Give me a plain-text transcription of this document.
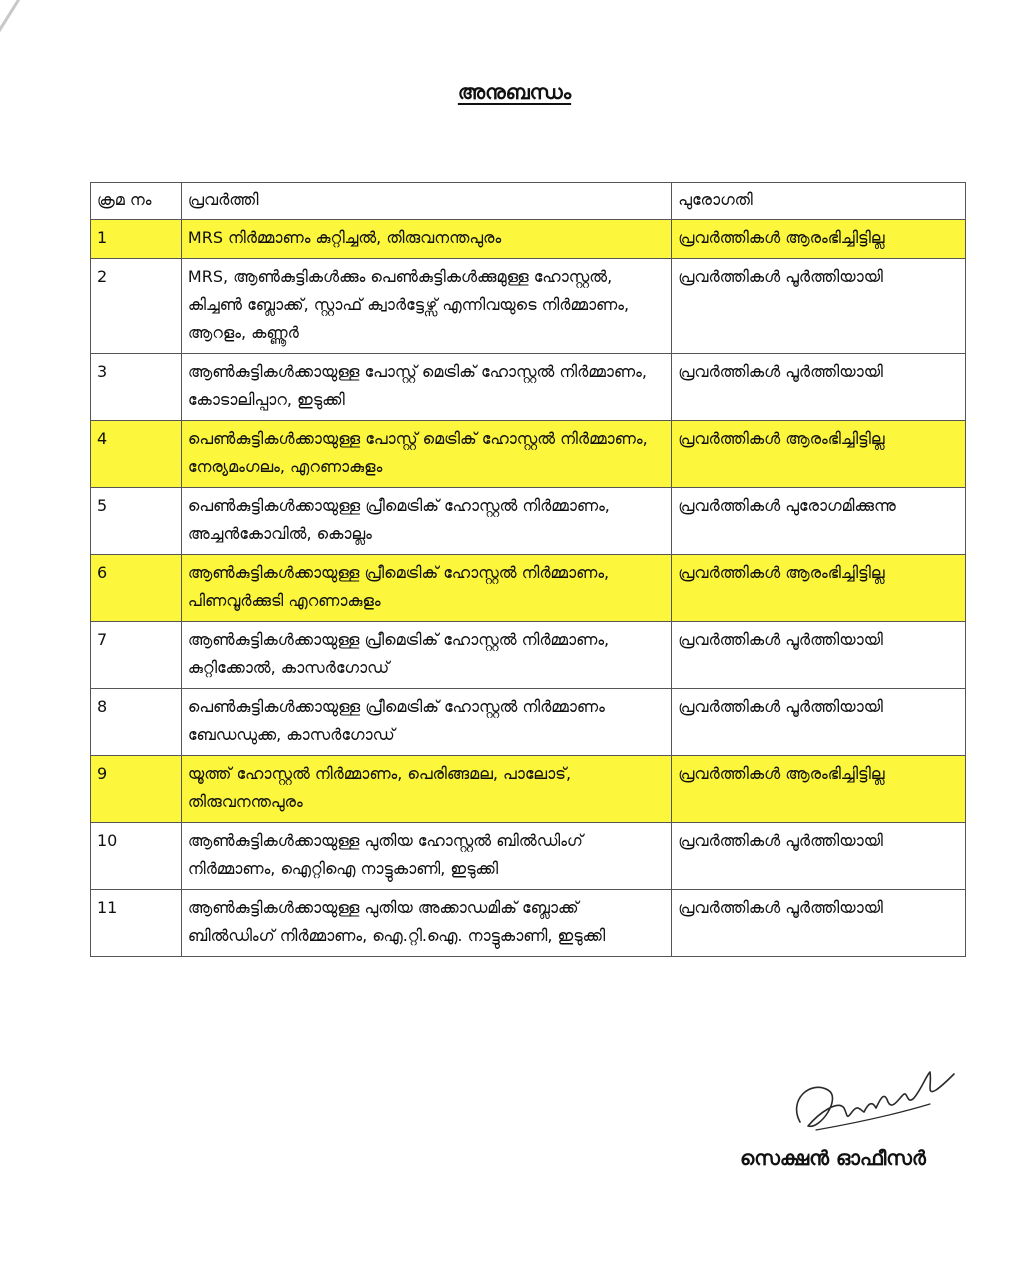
അനുബന്ധം
ക്രമ നം	പ്രവർത്തി	പുരോഗതി
1	MRS നിർമ്മാണം കുറ്റിച്ചൽ, തിരുവനന്തപുരം	പ്രവർത്തികൾ ആരംഭിച്ചിട്ടില്ല
2	MRS, ആൺകുട്ടികൾക്കും പെൺകുട്ടികൾക്കുമുള്ള ഹോസ്റ്റൽ, കിച്ചൺ ബ്ലോക്ക്, സ്റ്റാഫ് ക്വാർട്ടേഴ്സ് എന്നിവയുടെ നിർമ്മാണം, ആറളം, കണ്ണൂർ	പ്രവർത്തികൾ പൂർത്തിയായി
3	ആൺകുട്ടികൾക്കായുള്ള പോസ്റ്റ് മെട്രിക് ഹോസ്റ്റൽ നിർമ്മാണം, കോടാലിപ്പാറ, ഇടുക്കി	പ്രവർത്തികൾ പൂർത്തിയായി
4	പെൺകുട്ടികൾക്കായുള്ള പോസ്റ്റ് മെട്രിക് ഹോസ്റ്റൽ നിർമ്മാണം, നേര്യമംഗലം, എറണാകുളം	പ്രവർത്തികൾ ആരംഭിച്ചിട്ടില്ല
5	പെൺകുട്ടികൾക്കായുള്ള പ്രീമെട്രിക് ഹോസ്റ്റൽ നിർമ്മാണം, അച്ചൻകോവിൽ, കൊല്ലം	പ്രവർത്തികൾ പുരോഗമിക്കുന്നു
6	ആൺകുട്ടികൾക്കായുള്ള പ്രീമെട്രിക് ഹോസ്റ്റൽ നിർമ്മാണം, പിണവൂർക്കുടി എറണാകുളം	പ്രവർത്തികൾ ആരംഭിച്ചിട്ടില്ല
7	ആൺകുട്ടികൾക്കായുള്ള പ്രീമെട്രിക് ഹോസ്റ്റൽ നിർമ്മാണം, കുറ്റിക്കോൽ, കാസർഗോഡ്	പ്രവർത്തികൾ പൂർത്തിയായി
8	പെൺകുട്ടികൾക്കായുള്ള പ്രീമെട്രിക് ഹോസ്റ്റൽ നിർമ്മാണം ബേഡഡുക്ക, കാസർഗോഡ്	പ്രവർത്തികൾ പൂർത്തിയായി
9	യൂത്ത് ഹോസ്റ്റൽ നിർമ്മാണം, പെരിങ്ങമല, പാലോട്, തിരുവനന്തപുരം	പ്രവർത്തികൾ ആരംഭിച്ചിട്ടില്ല
10	ആൺകുട്ടികൾക്കായുള്ള പുതിയ ഹോസ്റ്റൽ ബിൽഡിംഗ് നിർമ്മാണം, ഐറ്റിഐ നാട്ടുകാണി, ഇടുക്കി	പ്രവർത്തികൾ പൂർത്തിയായി
11	ആൺകുട്ടികൾക്കായുള്ള പുതിയ അക്കാഡമിക് ബ്ലോക്ക് ബിൽഡിംഗ് നിർമ്മാണം, ഐ.റ്റി.ഐ. നാട്ടുകാണി, ഇടുക്കി	പ്രവർത്തികൾ പൂർത്തിയായി
സെക്ഷൻ ഓഫീസർ
